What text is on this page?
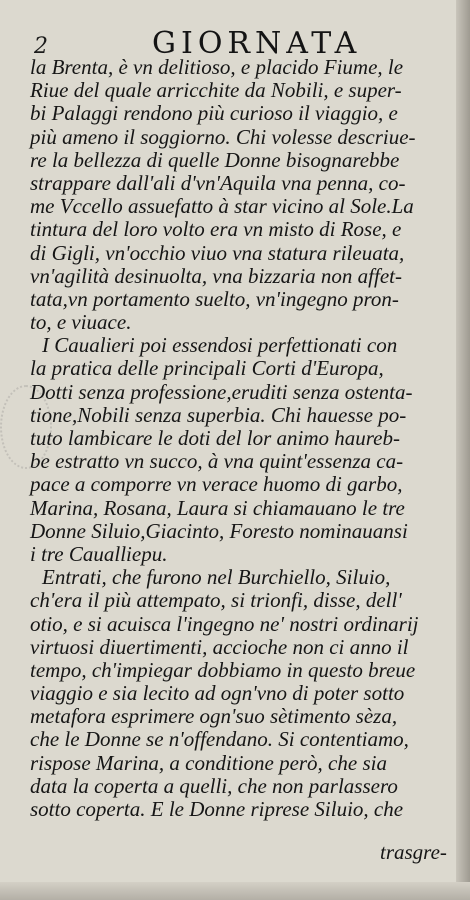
2	GIORNATA
la Brenta, è vn delitioso, e placido Fiume, le
Riue del quale arricchite da Nobili, e super-
bi Palaggi rendono più curioso il viaggio, e
più ameno il soggiorno. Chi volesse descriue-
re la bellezza di quelle Donne bisognarebbe
strappare dall'ali d'vn'Aquila vna penna, co-
me Vccello assuefatto à star vicino al Sole.La
tintura del loro volto era vn misto di Rose, e
di Gigli, vn'occhio viuo vna statura rileuata,
vn'agilità desinuolta, vna bizzaria non affet-
tata,vn portamento suelto, vn'ingegno pron-
to, e viuace.
I Caualieri poi essendosi perfettionati con
la pratica delle principali Corti d'Europa,
Dotti senza professione,eruditi senza ostenta-
tione,Nobili senza superbia. Chi hauesse po-
tuto lambicare le doti del lor animo haureb-
be estratto vn succo, à vna quint'essenza ca-
pace a comporre vn verace huomo di garbo,
Marina, Rosana, Laura si chiamauano le tre
Donne Siluio,Giacinto, Foresto nominauansi
i tre Caualliери.
Entrati, che furono nel Burchiello, Siluio,
ch'era il più attempato, si trionfi, disse, dell'
otio, e si acuisca l'ingegno ne' nostri ordinarij
virtuosi diuertimenti, accioche non ci anno il
tempo, ch'impiegar dobbiamo in questo breue
viaggio e sia lecito ad ogn'vno di poter sotto
metafora esprimere ogn'suo sètimento sèza,
che le Donne se n'offendano. Si contentiamo,
rispose Marina, a conditione però, che sia
data la coperta a quelli, che non parlassero
sotto coperta. E le Donne riprese Siluio, che
trasgre-
